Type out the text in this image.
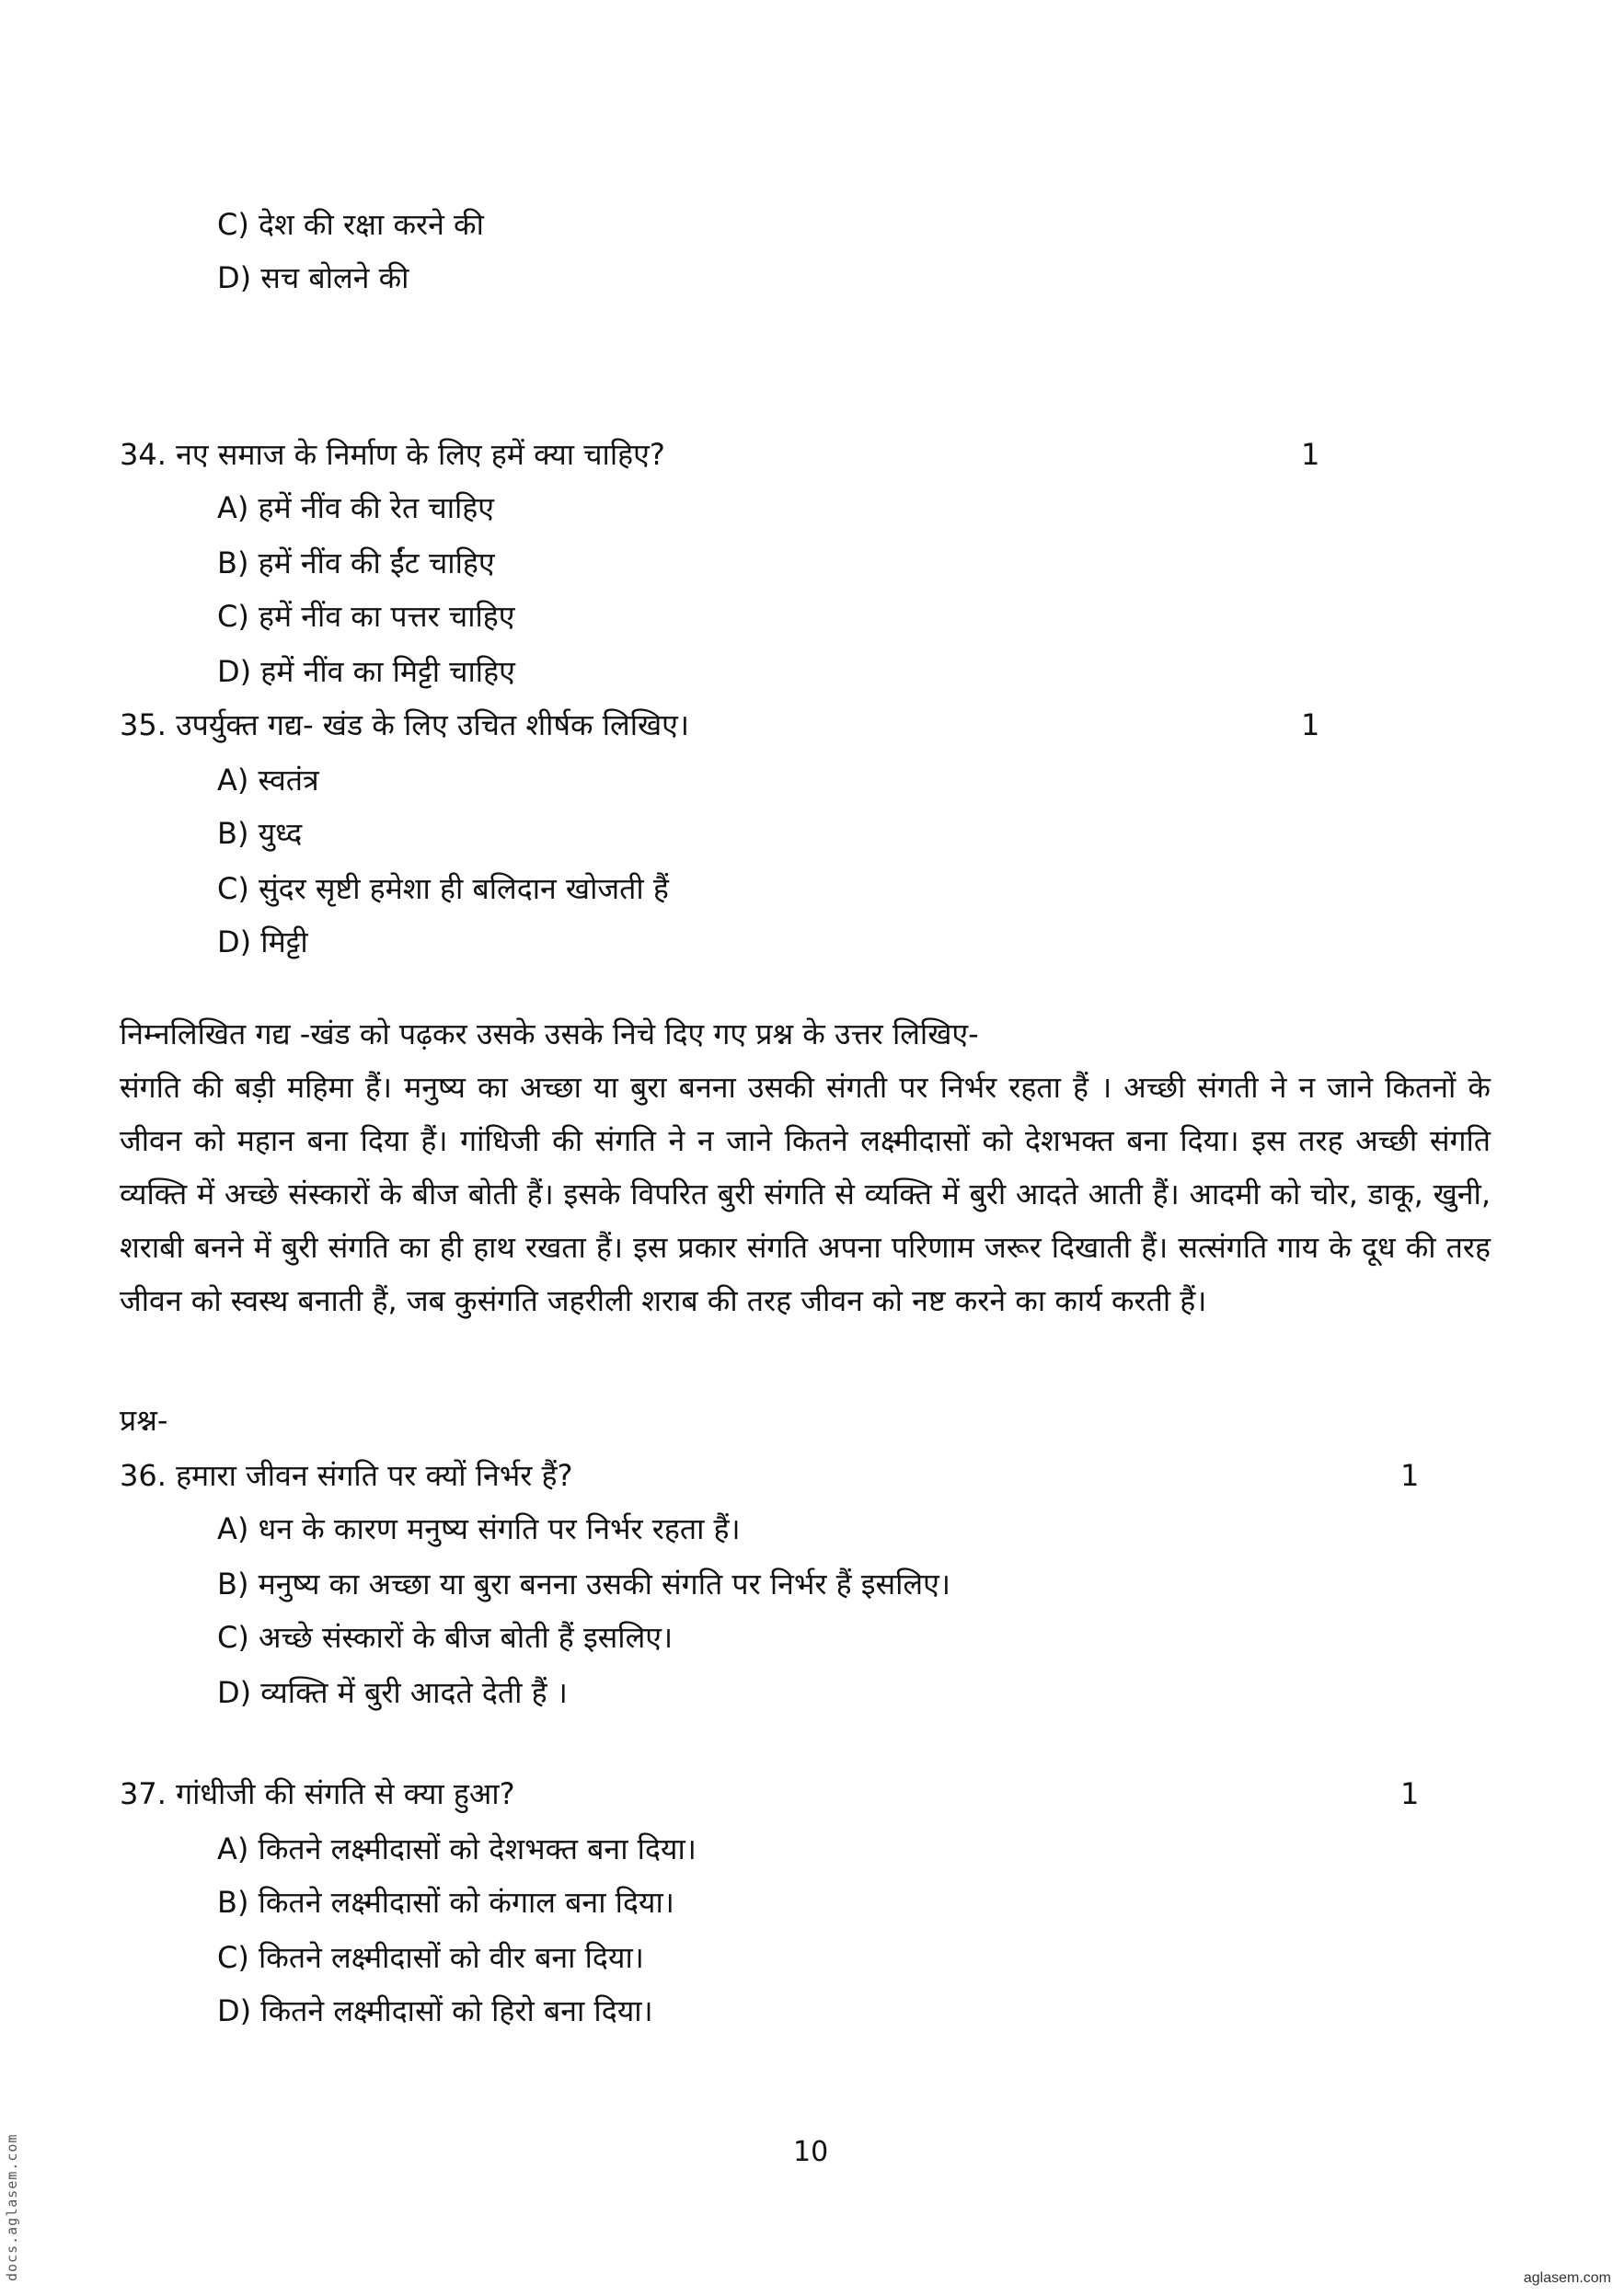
C) देश की रक्षा करने की
D) सच बोलने की
34. नए समाज के निर्माण के लिए हमें क्या चाहिए?	1
A) हमें नींव की रेत चाहिए
B) हमें नींव की ईंट चाहिए
C) हमें नींव का पत्तर चाहिए
D) हमें नींव का मिट्टी चाहिए
35. उपर्युक्त गद्य- खंड के लिए उचित शीर्षक लिखिए।	1
A) स्वतंत्र
B) युध्द
C) सुंदर सृष्टी हमेशा ही बलिदान खोजती हैं
D) मिट्टी
निम्नलिखित गद्य -खंड को पढ़कर उसके उसके निचे दिए गए प्रश्न के उत्तर लिखिए-
संगति की बड़ी महिमा हैं। मनुष्य का अच्छा या बुरा बनना उसकी संगती पर निर्भर रहता हैं । अच्छी संगती ने न जाने कितनों के जीवन को महान बना दिया हैं। गांधिजी की संगति ने न जाने कितने लक्ष्मीदासों को देशभक्त बना दिया। इस तरह अच्छी संगति व्यक्ति में अच्छे संस्कारों के बीज बोती हैं। इसके विपरित बुरी संगति से व्यक्ति में बुरी आदते आती हैं। आदमी को चोर, डाकू, खुनी, शराबी बनने में बुरी संगति का ही हाथ रखता हैं। इस प्रकार संगति अपना परिणाम जरूर दिखाती हैं। सत्संगति गाय के दूध की तरह जीवन को स्वस्थ बनाती हैं, जब कुसंगति जहरीली शराब की तरह जीवन को नष्ट करने का कार्य करती हैं।
प्रश्न-
36. हमारा जीवन संगति पर क्यों निर्भर हैं?	1
A) धन के कारण मनुष्य संगति पर निर्भर रहता हैं।
B) मनुष्य का अच्छा या बुरा बनना उसकी संगति पर निर्भर हैं इसलिए।
C) अच्छे संस्कारों के बीज बोती हैं इसलिए।
D) व्यक्ति में बुरी आदते देती हैं ।
37. गांधीजी की संगति से क्या हुआ?	1
A) कितने लक्ष्मीदासों को देशभक्त बना दिया।
B) कितने लक्ष्मीदासों को कंगाल बना दिया।
C) कितने लक्ष्मीदासों को वीर बना दिया।
D) कितने लक्ष्मीदासों को हिरो बना दिया।
10
docs.aglasem.com	aglasem.com
